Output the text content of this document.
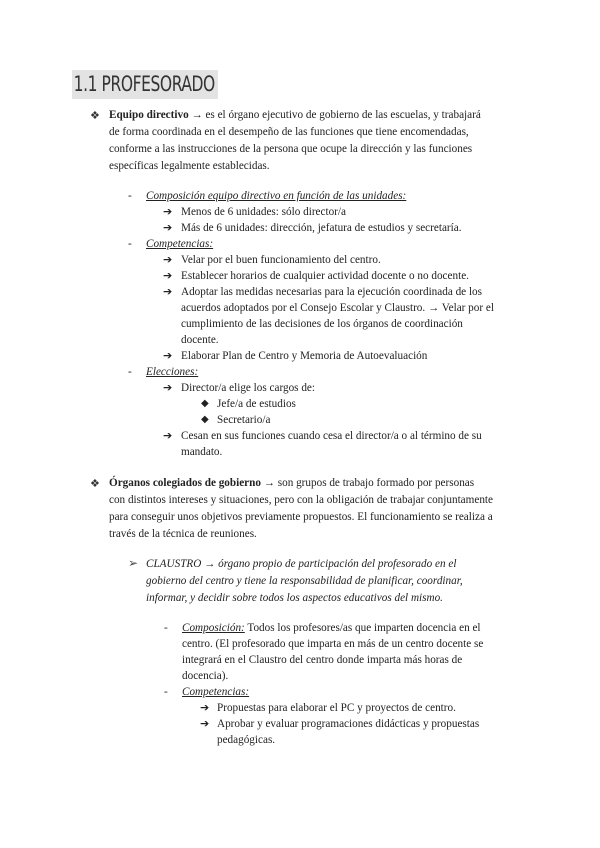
1.1 PROFESORADO
❖ Equipo directivo → es el órgano ejecutivo de gobierno de las escuelas, y trabajará
de forma coordinada en el desempeño de las funciones que tiene encomendadas,
conforme a las instrucciones de la persona que ocupe la dirección y las funciones
específicas legalmente establecidas.
- Composición equipo directivo en función de las unidades:
➔ Menos de 6 unidades: sólo director/a
➔ Más de 6 unidades: dirección, jefatura de estudios y secretaría.
- Competencias:
➔ Velar por el buen funcionamiento del centro.
➔ Establecer horarios de cualquier actividad docente o no docente.
➔ Adoptar las medidas necesarias para la ejecución coordinada de los
acuerdos adoptados por el Consejo Escolar y Claustro. → Velar por el
cumplimiento de las decisiones de los órganos de coordinación
docente.
➔ Elaborar Plan de Centro y Memoria de Autoevaluación
- Elecciones:
➔ Director/a elige los cargos de:
◆ Jefe/a de estudios
◆ Secretario/a
➔ Cesan en sus funciones cuando cesa el director/a o al término de su
mandato.
❖ Órganos colegiados de gobierno → son grupos de trabajo formado por personas
con distintos intereses y situaciones, pero con la obligación de trabajar conjuntamente
para conseguir unos objetivos previamente propuestos. El funcionamiento se realiza a
través de la técnica de reuniones.
➢ CLAUSTRO → órgano propio de participación del profesorado en el
gobierno del centro y tiene la responsabilidad de planificar, coordinar,
informar, y decidir sobre todos los aspectos educativos del mismo.
- Composición: Todos los profesores/as que imparten docencia en el
centro. (El profesorado que imparta en más de un centro docente se
integrará en el Claustro del centro donde imparta más horas de
docencia).
- Competencias:
➔ Propuestas para elaborar el PC y proyectos de centro.
➔ Aprobar y evaluar programaciones didácticas y propuestas
pedagógicas.
